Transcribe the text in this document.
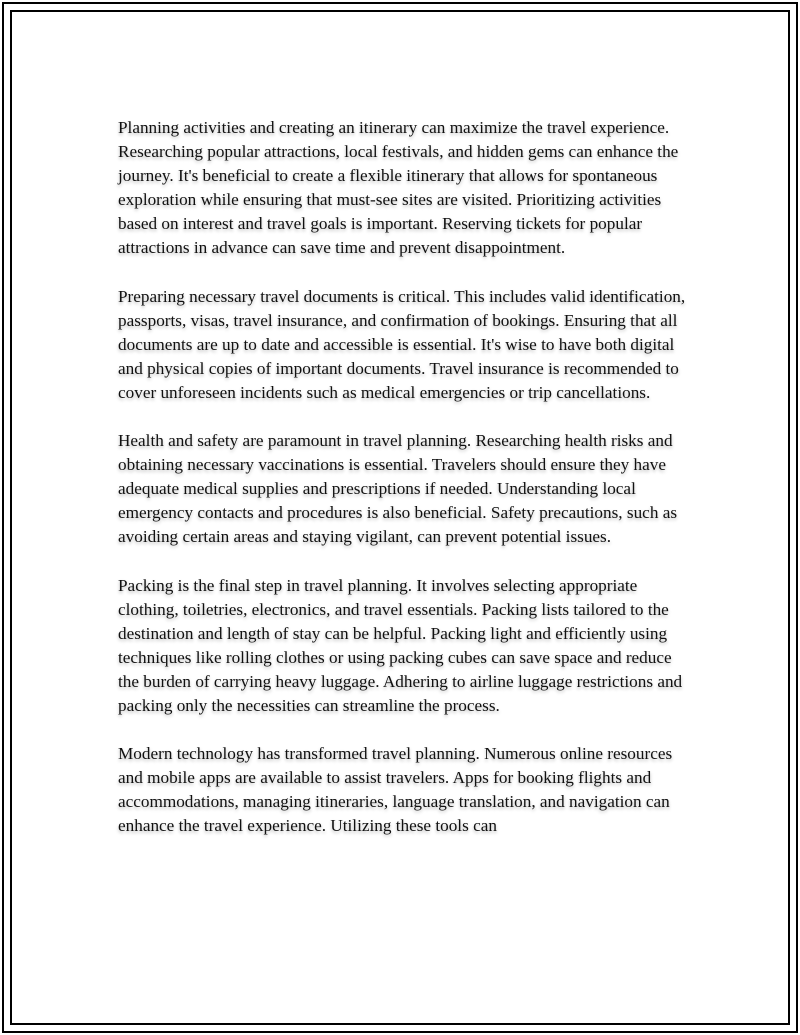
Planning activities and creating an itinerary can maximize the travel experience. Researching popular attractions, local festivals, and hidden gems can enhance the journey. It's beneficial to create a flexible itinerary that allows for spontaneous exploration while ensuring that must-see sites are visited. Prioritizing activities based on interest and travel goals is important. Reserving tickets for popular attractions in advance can save time and prevent disappointment.

Preparing necessary travel documents is critical. This includes valid identification, passports, visas, travel insurance, and confirmation of bookings. Ensuring that all documents are up to date and accessible is essential. It's wise to have both digital and physical copies of important documents. Travel insurance is recommended to cover unforeseen incidents such as medical emergencies or trip cancellations.

Health and safety are paramount in travel planning. Researching health risks and obtaining necessary vaccinations is essential. Travelers should ensure they have adequate medical supplies and prescriptions if needed. Understanding local emergency contacts and procedures is also beneficial. Safety precautions, such as avoiding certain areas and staying vigilant, can prevent potential issues.

Packing is the final step in travel planning. It involves selecting appropriate clothing, toiletries, electronics, and travel essentials. Packing lists tailored to the destination and length of stay can be helpful. Packing light and efficiently using techniques like rolling clothes or using packing cubes can save space and reduce the burden of carrying heavy luggage. Adhering to airline luggage restrictions and packing only the necessities can streamline the process.

Modern technology has transformed travel planning. Numerous online resources and mobile apps are available to assist travelers. Apps for booking flights and accommodations, managing itineraries, language translation, and navigation can enhance the travel experience. Utilizing these tools can
